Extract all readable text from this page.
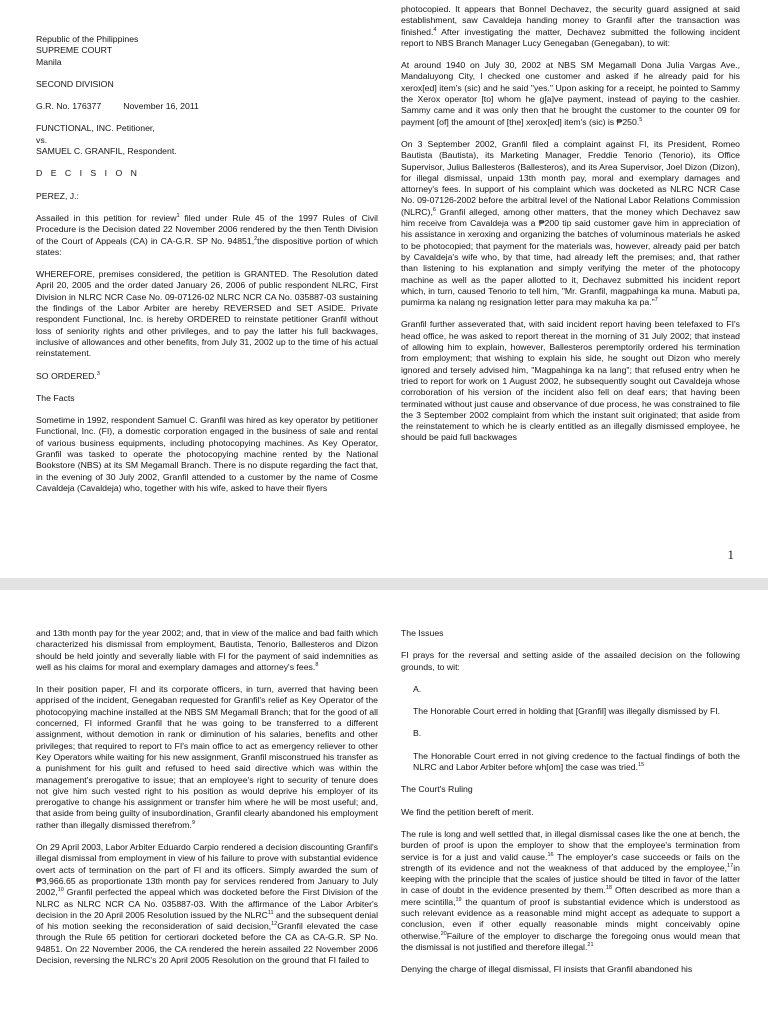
Republic of the Philippines

SUPREME COURT

Manila

SECOND DIVISION

G.R. No. 176377	November 16, 2011

FUNCTIONAL, INC. Petitioner,

vs.

SAMUEL C. GRANFIL, Respondent.

D E C I S I O N

PEREZ, J.:

Assailed in this petition for review$^1$ filed under Rule 45 of the 1997 Rules of Civil Procedure is the Decision dated 22 November 2006 rendered by the then Tenth Division of the Court of Appeals (CA) in CA-G.R. SP No. 94851,$^2$the dispositive portion of which states:

WHEREFORE, premises considered, the petition is GRANTED. The Resolution dated April 20, 2005 and the order dated January 26, 2006 of public respondent NLRC, First Division in NLRC NCR Case No. 09-07126-02 NLRC NCR CA No. 035887-03 sustaining the findings of the Labor Arbiter are hereby REVERSED and SET ASIDE. Private respondent Functional, Inc. is hereby ORDERED to reinstate petitioner Granfil without loss of seniority rights and other privileges, and to pay the latter his full backwages, inclusive of allowances and other benefits, from July 31, 2002 up to the time of his actual reinstatement.

SO ORDERED.$^3$

The Facts

Sometime in 1992, respondent Samuel C. Granfil was hired as key operator by petitioner Functional, Inc. (FI), a domestic corporation engaged in the business of sale and rental of various business equipments, including photocopying machines. As Key Operator, Granfil was tasked to operate the photocopying machine rented by the National Bookstore (NBS) at its SM Megamall Branch. There is no dispute regarding the fact that, in the evening of 30 July 2002, Granfil attended to a customer by the name of Cosme Cavaldeja (Cavaldeja) who, together with his wife, asked to have their flyers

photocopied. It appears that Bonnel Dechavez, the security guard assigned at said establishment, saw Cavaldeja handing money to Granfil after the transaction was finished.$^4$ After investigating the matter, Dechavez submitted the following incident report to NBS Branch Manager Lucy Genegaban (Genegaban), to wit:

At around 1940 on July 30, 2002 at NBS SM Megamall Dona Julia Vargas Ave., Mandaluyong City, I checked one customer and asked if he already paid for his xerox[ed] item's (sic) and he said "yes." Upon asking for a receipt, he pointed to Sammy the Xerox operator [to] whom he g[a]ve payment, instead of paying to the cashier. Sammy came and it was only then that he brought the customer to the counter 09 for payment [of] the amount of [the] xerox[ed] item's (sic) is ₱250.$^5$

On 3 September 2002, Granfil filed a complaint against FI, its President, Romeo Bautista (Bautista), its Marketing Manager, Freddie Tenorio (Tenorio), its Office Supervisor, Julius Ballesteros (Ballesteros), and its Area Supervisor, Joel Dizon (Dizon), for illegal dismissal, unpaid 13th month pay, moral and exemplary damages and attorney's fees. In support of his complaint which was docketed as NLRC NCR Case No. 09-07126-2002 before the arbitral level of the National Labor Relations Commission (NLRC),$^6$ Granfil alleged, among other matters, that the money which Dechavez saw him receive from Cavaldeja was a ₱200 tip said customer gave him in appreciation of his assistance in xeroxing and organizing the batches of voluminous materials he asked to be photocopied; that payment for the materials was, however, already paid per batch by Cavaldeja's wife who, by that time, had already left the premises; and, that rather than listening to his explanation and simply verifying the meter of the photocopy machine as well as the paper allotted to it, Dechavez submitted his incident report which, in turn, caused Tenorio to tell him, "Mr. Granfil, magpahinga ka muna. Mabuti pa, pumirma ka nalang ng resignation letter para may makuha ka pa."$^7$

Granfil further asseverated that, with said incident report having been telefaxed to FI's head office, he was asked to report thereat in the morning of 31 July 2002; that instead of allowing him to explain, however, Ballesteros peremptorily ordered his termination from employment; that wishing to explain his side, he sought out Dizon who merely ignored and tersely advised him, "Magpahinga ka na lang"; that refused entry when he tried to report for work on 1 August 2002, he subsequently sought out Cavaldeja whose corroboration of his version of the incident also fell on deaf ears; that having been terminated without just cause and observance of due process, he was constrained to file the 3 September 2002 complaint from which the instant suit originated; that aside from the reinstatement to which he is clearly entitled as an illegally dismissed employee, he should be paid full backwages

1

and 13th month pay for the year 2002; and, that in view of the malice and bad faith which characterized his dismissal from employment, Bautista, Tenorio, Ballesteros and Dizon should be held jointly and severally liable with FI for the payment of said indemnities as well as his claims for moral and exemplary damages and attorney's fees.$^8$

In their position paper, FI and its corporate officers, in turn, averred that having been apprised of the incident, Genegaban requested for Granfil's relief as Key Operator of the photocopying machine installed at the NBS SM Megamall Branch; that for the good of all concerned, FI informed Granfil that he was going to be transferred to a different assignment, without demotion in rank or diminution of his salaries, benefits and other privileges; that required to report to FI's main office to act as emergency reliever to other Key Operators while waiting for his new assignment, Granfil misconstrued his transfer as a punishment for his guilt and refused to heed said directive which was within the management's prerogative to issue; that an employee's right to security of tenure does not give him such vested right to his position as would deprive his employer of its prerogative to change his assignment or transfer him where he will be most useful; and, that aside from being guilty of insubordination, Granfil clearly abandoned his employment rather than illegally dismissed therefrom.$^9$

On 29 April 2003, Labor Arbiter Eduardo Carpio rendered a decision discounting Granfil's illegal dismissal from employment in view of his failure to prove with substantial evidence overt acts of termination on the part of FI and its officers. Simply awarded the sum of ₱3,966.65 as proportionate 13th month pay for services rendered from January to July 2002,10 Granfil perfected the appeal which was docketed before the First Division of the NLRC as NLRC NCR CA No. 035887-03. With the affirmance of the Labor Arbiter's decision in the 20 April 2005 Resolution issued by the NLRC$^{11}$ and the subsequent denial of his motion seeking the reconsideration of said decision,$^{12}$Granfil elevated the case through the Rule 65 petition for certiorari docketed before the CA as CA-G.R. SP No. 94851. On 22 November 2006, the CA rendered the herein assailed 22 November 2006 Decision, reversing the NLRC's 20 April 2005 Resolution on the ground that FI failed to

The Issues

FI prays for the reversal and setting aside of the assailed decision on the following grounds, to wit:

A.

The Honorable Court erred in holding that [Granfil] was illegally dismissed by FI.

B.

The Honorable Court erred in not giving credence to the factual findings of both the NLRC and Labor Arbiter before wh[om] the case was tried.$^{15}$

The Court's Ruling

We find the petition bereft of merit.

The rule is long and well settled that, in illegal dismissal cases like the one at bench, the burden of proof is upon the employer to show that the employee's termination from service is for a just and valid cause.$^{16}$ The employer's case succeeds or fails on the strength of its evidence and not the weakness of that adduced by the employee,$^{17}$in keeping with the principle that the scales of justice should be tilted in favor of the latter in case of doubt in the evidence presented by them.$^{18}$ Often described as more than a mere scintilla,$^{19}$ the quantum of proof is substantial evidence which is understood as such relevant evidence as a reasonable mind might accept as adequate to support a conclusion, even if other equally reasonable minds might conceivably opine otherwise.$^{20}$Failure of the employer to discharge the foregoing onus would mean that the dismissal is not justified and therefore illegal.$^{21}$

Denying the charge of illegal dismissal, FI insists that Granfil abandoned his
